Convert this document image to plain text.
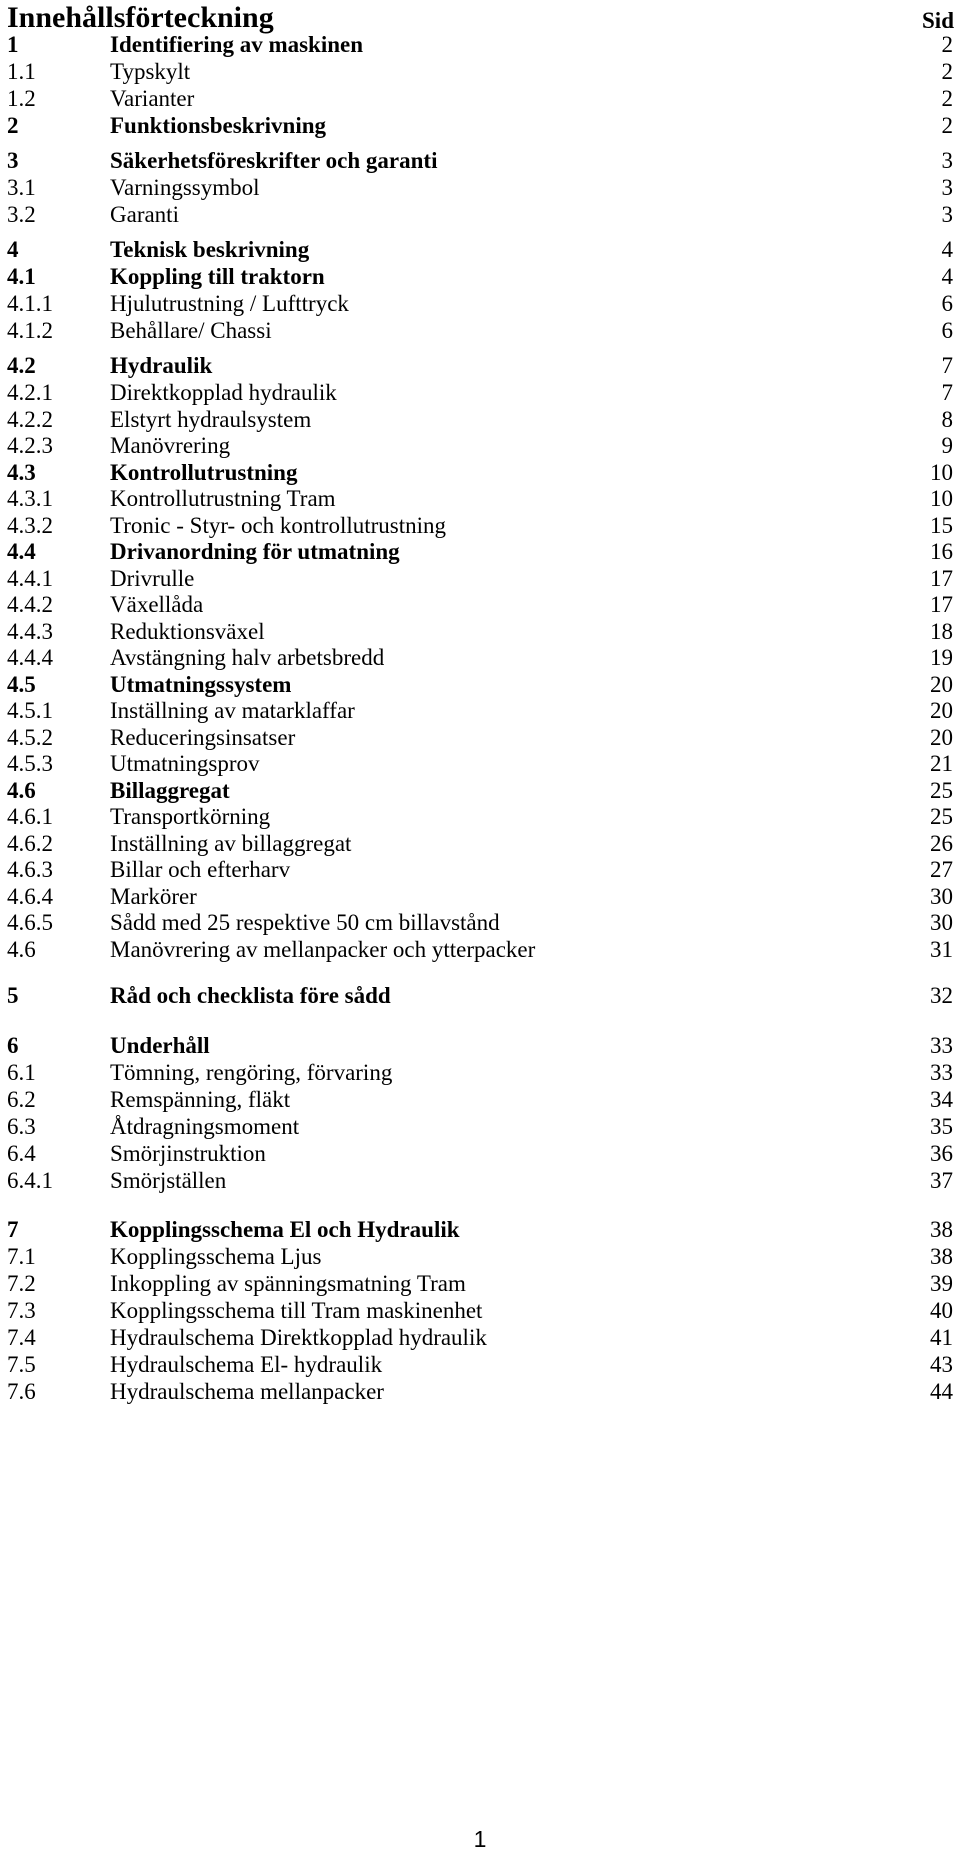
Innehållsförteckning	Sid
1	Identifiering av maskinen	2
1.1	Typskylt	2
1.2	Varianter	2
2	Funktionsbeskrivning	2
3	Säkerhetsföreskrifter och garanti	3
3.1	Varningssymbol	3
3.2	Garanti	3
4	Teknisk beskrivning	4
4.1	Koppling till traktorn	4
4.1.1 Hjulutrustning / Lufttryck	6
4.1.2 Behållare/ Chassi	6
4.2	Hydraulik	7
4.2.1 Direktkopplad hydraulik	7
4.2.2 Elstyrt hydraulsystem	8
4.2.3 Manövrering	9
4.3	Kontrollutrustning	10
4.3.1 Kontrollutrustning Tram	10
4.3.2 Tronic - Styr- och kontrollutrustning	15
4.4	Drivanordning för utmatning	16
4.4.1 Drivrulle	17
4.4.2 Växellåda	17
4.4.3 Reduktionsväxel	18
4.4.4 Avstängning halv arbetsbredd	19
4.5	Utmatningssystem	20
4.5.1 Inställning av matarklaffar	20
4.5.2 Reduceringsinsatser	20
4.5.3 Utmatningsprov	21
4.6	Billaggregat	25
4.6.1 Transportkörning	25
4.6.2 Inställning av billaggregat	26
4.6.3 Billar och efterharv	27
4.6.4 Markörer	30
4.6.5 Sådd med 25 respektive 50 cm billavstånd	30
4.6	Manövrering av mellanpacker och ytterpacker	31
5	Råd och checklista före sådd	32
6	Underhåll	33
6.1	Tömning, rengöring, förvaring	33
6.2	Remspänning, fläkt	34
6.3	Åtdragningsmoment	35
6.4	Smörjinstruktion	36
6.4.1 Smörjställen	37
7	Kopplingsschema El och Hydraulik	38
7.1	Kopplingsschema Ljus	38
7.2	Inkoppling av spänningsmatning Tram	39
7.3	Kopplingsschema till Tram maskinenhet	40
7.4	Hydraulschema Direktkopplad hydraulik	41
7.5	Hydraulschema El- hydraulik	43
7.6	Hydraulschema mellanpacker	44
1
